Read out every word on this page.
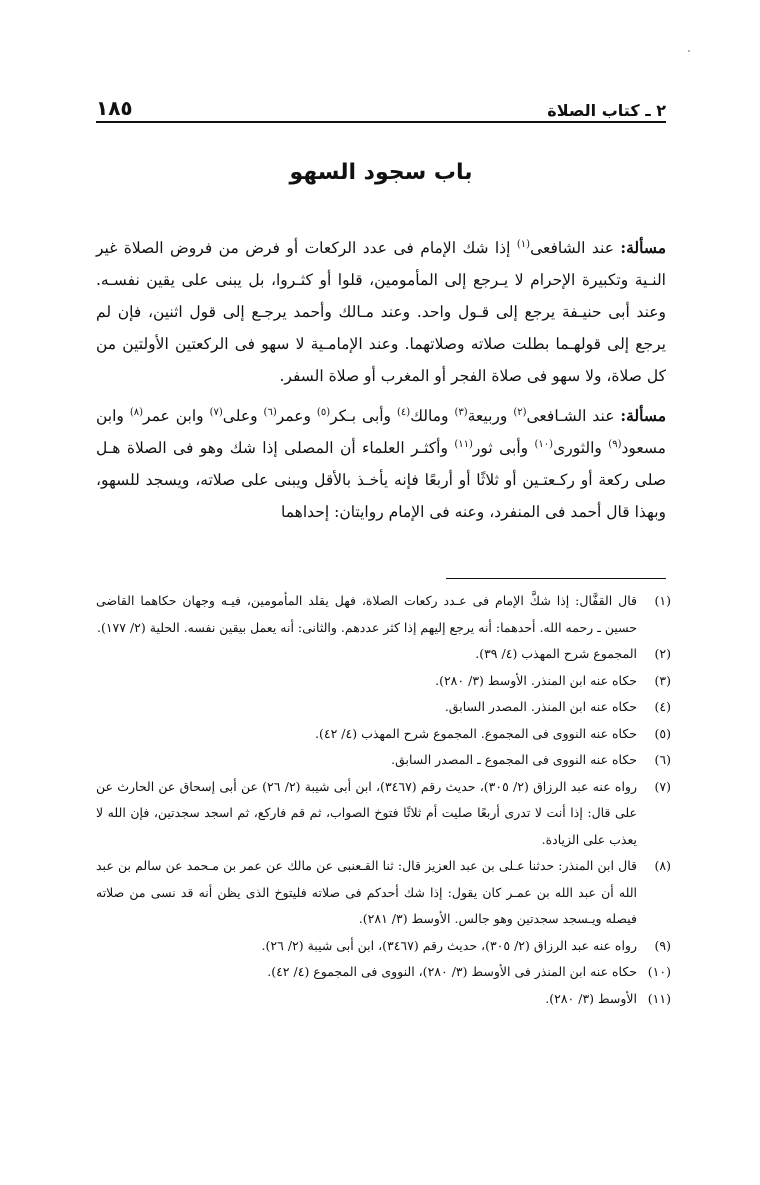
٢ ـ كتاب الصلاة
١٨٥
باب سجود السهو

مسألة: عند الشافعى$^{(١)}$ إذا شك الإمام فى عدد الركعات أو فرض من فروض الصلاة غير النـية وتكبيرة الإحرام لا يـرجع إلى المأمومين، قلوا أو كثـروا، بل يبنى على يقين نفسـه. وعند أبى حنيـفة يرجع إلى قـول واحد. وعند مـالك وأحمد يرجـع إلى قول اثنين، فإن لم يرجع إلى قولهـما بطلت صلاته وصلاتهما. وعند الإمامـية لا سهو فى الركعتين الأولتين من كل صلاة، ولا سهو فى صلاة الفجر أو المغرب أو صلاة السفر.

مسألة: عند الشـافعى$^{(٢)}$ وربيعة$^{(٣)}$ ومالك$^{(٤)}$ وأبى بـكر$^{(٥)}$ وعمر$^{(٦)}$ وعلى$^{(٧)}$ وابن عمر$^{(٨)}$ وابن مسعود$^{(٩)}$ والثورى$^{(١٠)}$ وأبى ثور$^{(١١)}$ وأكثـر العلماء أن المصلى إذا شك وهو فى الصلاة هـل صلى ركعة أو ركـعتـين أو ثلاثًا أو أربعًا فإنه يأخـذ بالأقل ويبنى على صلاته، ويسجد للسهو، وبهذا قال أحمد فى المنفرد، وعنه فى الإمام روايتان: إحداهما

(١)
قال القفَّال: إذا شكَّ الإمام فى عـدد ركعات الصلاة، فهل يقلد المأمومين، فيـه وجهان حكاهما القاضى حسين ـ رحمه الله. أحدهما: أنه يرجع إليهم إذا كثر عددهم. والثانى: أنه يعمل بيقين نفسه. الحلية (٢/ ١٧٧).
(٢)
المجموع شرح المهذب (٤/ ٣٩).
(٣)
حكاه عنه ابن المنذر. الأوسط (٣/ ٢٨٠).
(٤)
حكاه عنه ابن المنذر. المصدر السابق.
(٥)
حكاه عنه النووى فى المجموع. المجموع شرح المهذب (٤/ ٤٢).
(٦)
حكاه عنه النووى فى المجموع ـ المصدر السابق.
(٧)
رواه عنه عبد الرزاق (٢/ ٣٠٥)، حديث رقم (٣٤٦٧)، ابن أبى شيبة (٢/ ٢٦) عن أبى إسحاق عن الحارث عن على قال: إذا أنت لا تدرى أربعًا صليت أم ثلاثًا فتوخ الصواب، ثم قم فاركع، ثم اسجد سجدتين، فإن الله لا يعذب على الزيادة.
(٨)
قال ابن المنذر: حدثنا عـلى بن عبد العزيز قال: ثنا القـعنبى عن مالك عن عمر بن مـحمد عن سالم بن عبد الله أن عبد الله بن عمـر كان يقول: إذا شك أحدكم فى صلاته فليتوخ الذى يظن أنه قد نسى من صلاته فيصله ويـسجد سجدتين وهو جالس. الأوسط (٣/ ٢٨١).
(٩)
رواه عنه عبد الرزاق (٢/ ٣٠٥)، حديث رقم (٣٤٦٧)، ابن أبى شيبة (٢/ ٢٦).
(١٠)
حكاه عنه ابن المنذر فى الأوسط (٣/ ٢٨٠)، النووى فى المجموع (٤/ ٤٢).
(١١)
الأوسط (٣/ ٢٨٠).
